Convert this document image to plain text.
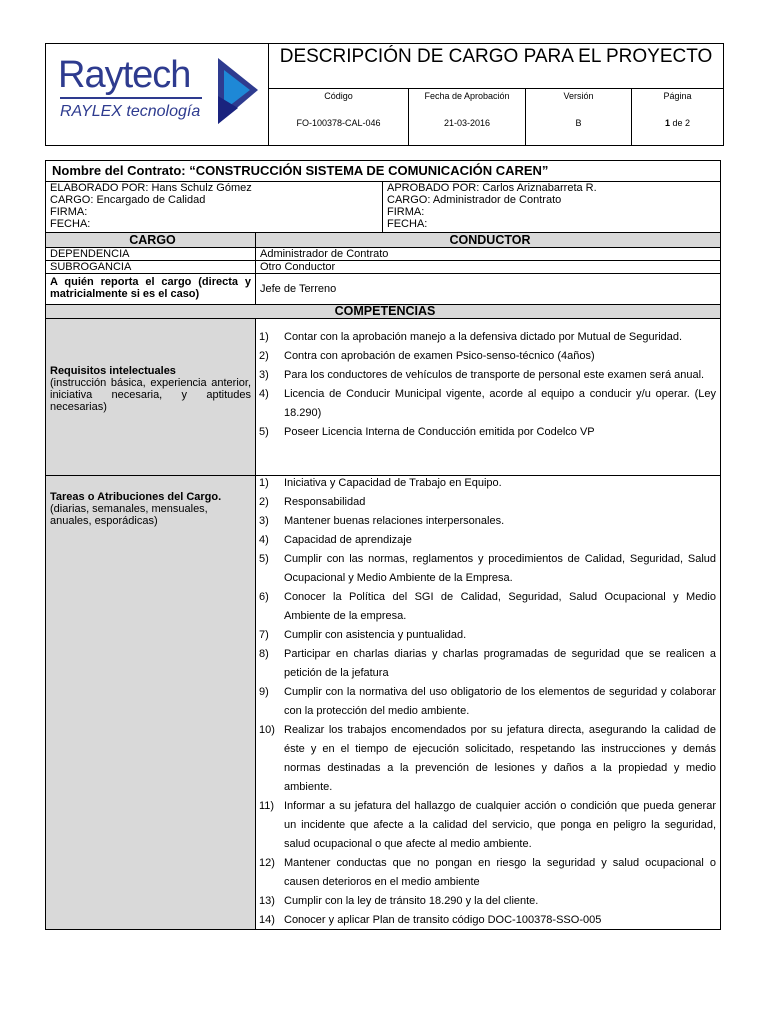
Raytech
RAYLEX tecnología
DESCRIPCIÓN DE CARGO PARA EL PROYECTO
Código
FO-100378-CAL-046
Fecha de Aprobación
21-03-2016
Versión
B
Página
1 de 2
Nombre del Contrato: “CONSTRUCCIÓN SISTEMA DE COMUNICACIÓN CAREN”
ELABORADO POR: Hans Schulz Gómez
CARGO: Encargado de Calidad
FIRMA:
FECHA:
APROBADO POR: Carlos Ariznabarreta R.
CARGO: Administrador de Contrato
FIRMA:
FECHA:
CARGO	CONDUCTOR
DEPENDENCIA	Administrador de Contrato
SUBROGANCIA	Otro Conductor
A quién reporta el cargo (directa y matricialmente si es el caso)	Jefe de Terreno
COMPETENCIAS
Requisitos intelectuales
(instrucción básica, experiencia anterior, iniciativa necesaria, y aptitudes necesarias)
1) Contar con la aprobación manejo a la defensiva dictado por Mutual de Seguridad.
2) Contra con aprobación de examen Psico-senso-técnico (4años)
3) Para los conductores de vehículos de transporte de personal este examen será anual.
4) Licencia de Conducir Municipal vigente, acorde al equipo a conducir y/u operar. (Ley 18.290)
5) Poseer Licencia Interna de Conducción emitida por Codelco VP
Tareas o Atribuciones del Cargo.
(diarias, semanales, mensuales, anuales, esporádicas)
1) Iniciativa y Capacidad de Trabajo en Equipo.
2) Responsabilidad
3) Mantener buenas relaciones interpersonales.
4) Capacidad de aprendizaje
5) Cumplir con las normas, reglamentos y procedimientos de Calidad, Seguridad, Salud Ocupacional y Medio Ambiente de la Empresa.
6) Conocer la Política del SGI de Calidad, Seguridad, Salud Ocupacional y Medio Ambiente de la empresa.
7) Cumplir con asistencia y puntualidad.
8) Participar en charlas diarias y charlas programadas de seguridad que se realicen a petición de la jefatura
9) Cumplir con la normativa del uso obligatorio de los elementos de seguridad y colaborar con la protección del medio ambiente.
10) Realizar los trabajos encomendados por su jefatura directa, asegurando la calidad de éste y en el tiempo de ejecución solicitado, respetando las instrucciones y demás normas destinadas a la prevención de lesiones y daños a la propiedad y medio ambiente.
11) Informar a su jefatura del hallazgo de cualquier acción o condición que pueda generar un incidente que afecte a la calidad del servicio, que ponga en peligro la seguridad, salud ocupacional o que afecte al medio ambiente.
12) Mantener conductas que no pongan en riesgo la seguridad y salud ocupacional o causen deterioros en el medio ambiente
13) Cumplir con la ley de tránsito 18.290 y la del cliente.
14) Conocer y aplicar Plan de transito código DOC-100378-SSO-005
